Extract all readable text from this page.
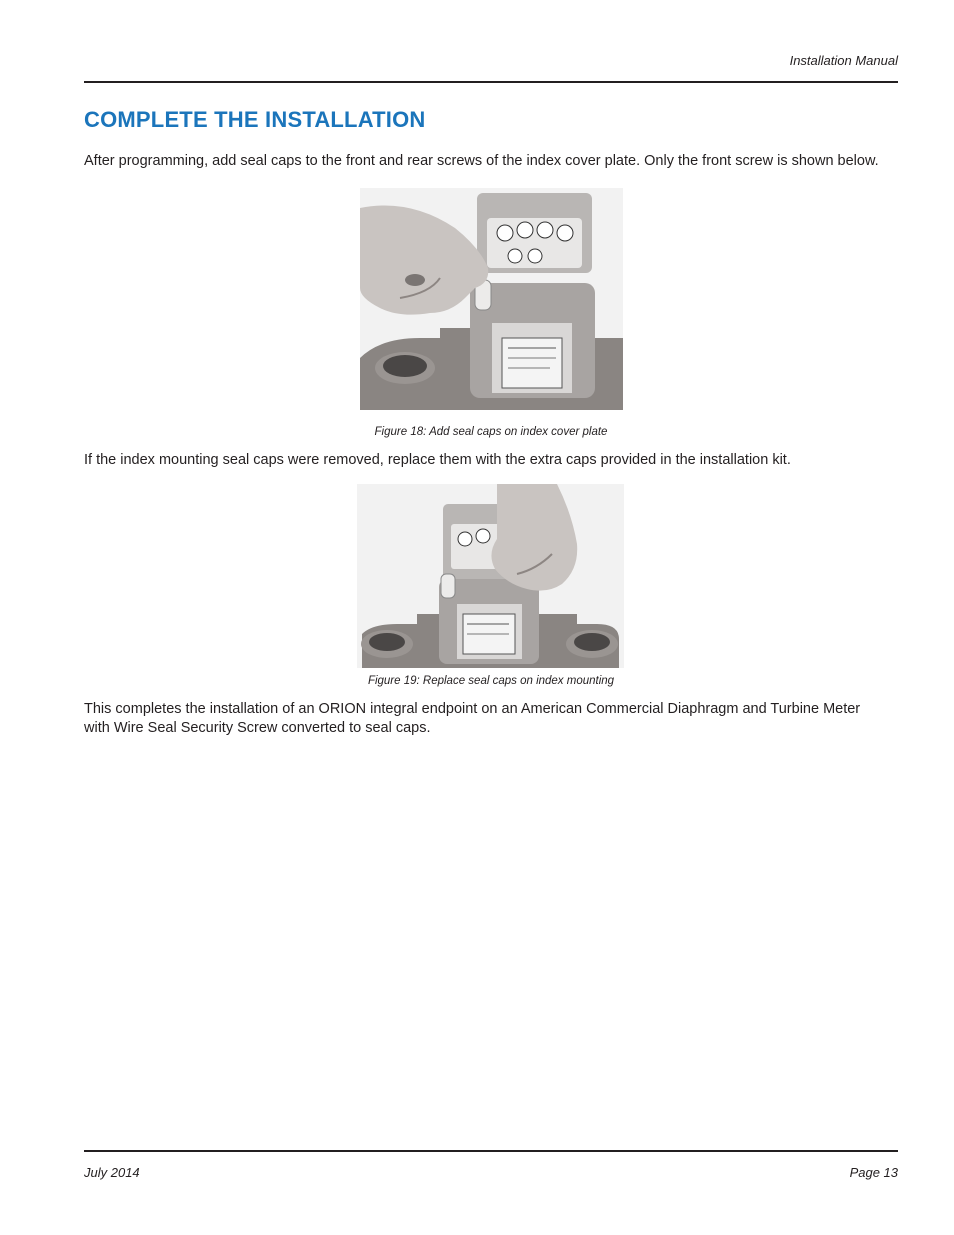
Installation Manual
COMPLETE THE INSTALLATION

After programming, add seal caps to the front and rear screws of the index cover plate. Only the front screw is shown below.

Figure 18: Add seal caps on index cover plate

If the index mounting seal caps were removed, replace them with the extra caps provided in the installation kit.

Figure 19: Replace seal caps on index mounting

This completes the installation of an ORION integral endpoint on an American Commercial Diaphragm and Turbine Meter with Wire Seal Security Screw converted to seal caps.

July 2014	Page 13
